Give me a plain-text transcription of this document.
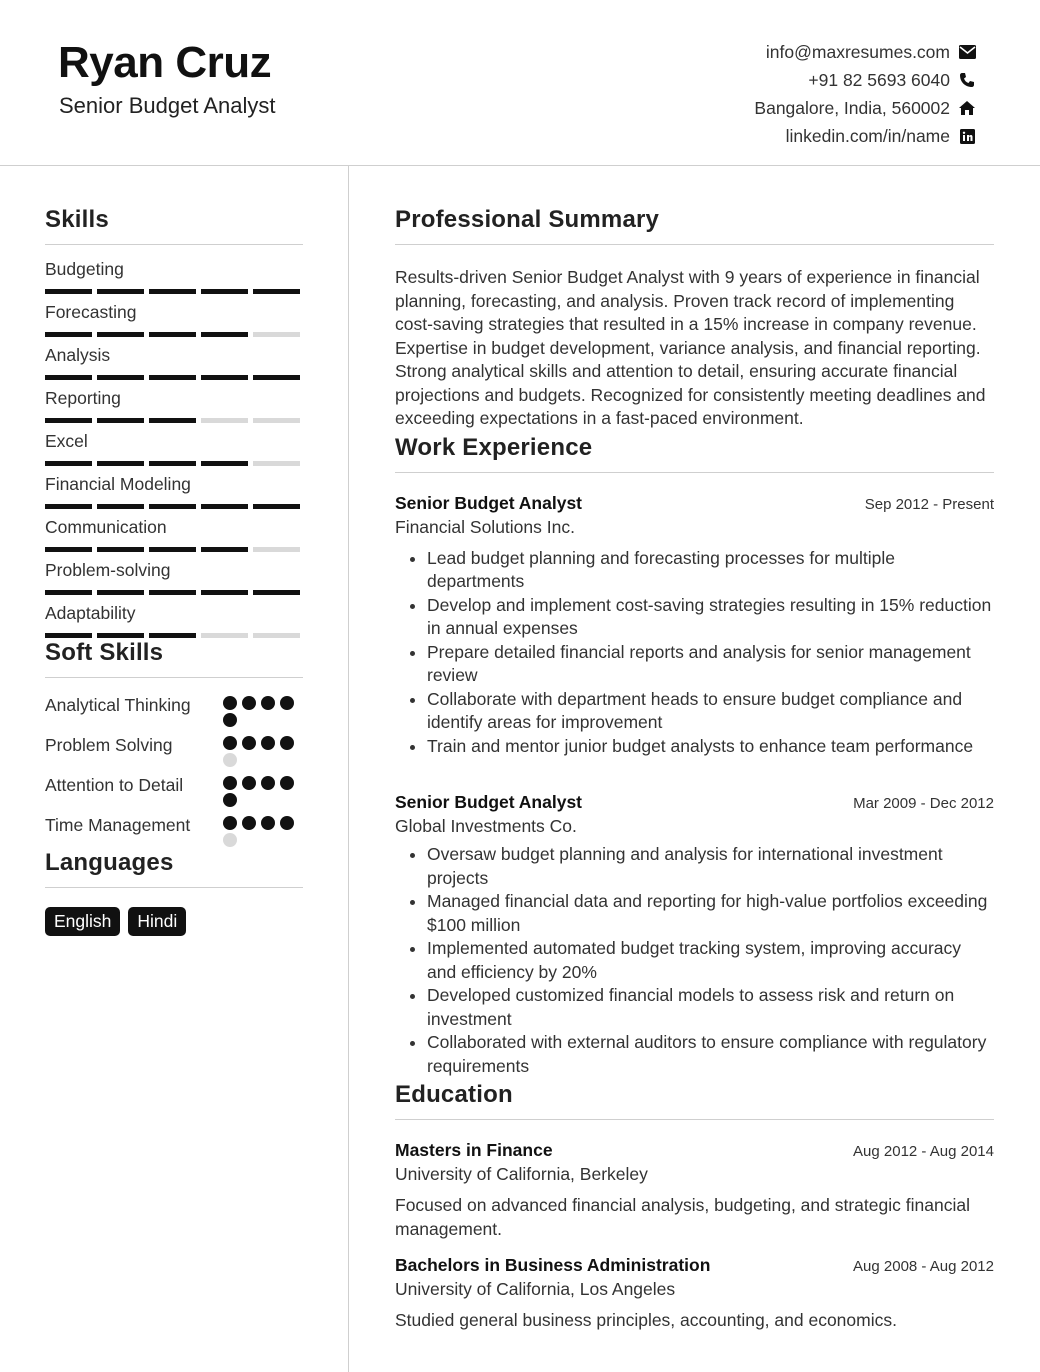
Ryan Cruz
Senior Budget Analyst
info@maxresumes.com
+91 82 5693 6040
Bangalore, India, 560002
linkedin.com/in/name
Skills
Budgeting
Forecasting
Analysis
Reporting
Excel
Financial Modeling
Communication
Problem-solving
Adaptability
Soft Skills
Analytical Thinking
Problem Solving
Attention to Detail
Time Management
Languages
English	Hindi
Professional Summary
Results-driven Senior Budget Analyst with 9 years of experience in financial planning, forecasting, and analysis. Proven track record of implementing cost-saving strategies that resulted in a 15% increase in company revenue. Expertise in budget development, variance analysis, and financial reporting. Strong analytical skills and attention to detail, ensuring accurate financial projections and budgets. Recognized for consistently meeting deadlines and exceeding expectations in a fast-paced environment.
Work Experience
Senior Budget Analyst	Sep 2012 - Present
Financial Solutions Inc.
• Lead budget planning and forecasting processes for multiple departments
• Develop and implement cost-saving strategies resulting in 15% reduction in annual expenses
• Prepare detailed financial reports and analysis for senior management review
• Collaborate with department heads to ensure budget compliance and identify areas for improvement
• Train and mentor junior budget analysts to enhance team performance
Senior Budget Analyst	Mar 2009 - Dec 2012
Global Investments Co.
• Oversaw budget planning and analysis for international investment projects
• Managed financial data and reporting for high-value portfolios exceeding $100 million
• Implemented automated budget tracking system, improving accuracy and efficiency by 20%
• Developed customized financial models to assess risk and return on investment
• Collaborated with external auditors to ensure compliance with regulatory requirements
Education
Masters in Finance	Aug 2012 - Aug 2014
University of California, Berkeley
Focused on advanced financial analysis, budgeting, and strategic financial management.
Bachelors in Business Administration	Aug 2008 - Aug 2012
University of California, Los Angeles
Studied general business principles, accounting, and economics.
